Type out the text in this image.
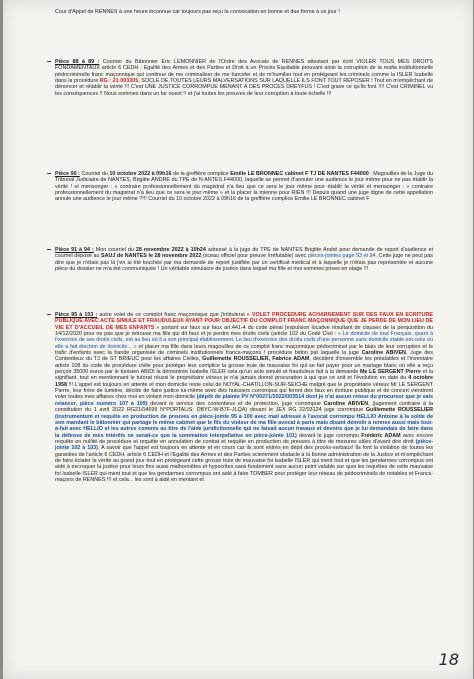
Cour d'Appel de RENNES à une heure inconnue car toujours pas reçu la convocation en bonne et due forme à ce jour !

Pièce 88 à 89 : Courrier du Bâtonnier Eric LEMONNIER de l'Ordre des Avocats de RENNES attestant par écrit VIOLER TOUS MES DROITS FONDAMENTAUX article 6 CEDH : Egalité des Armes et des Parties et Droit à un Procès Equitable prouvant ainsi la corruption de la mafia institutionnelle pédocriminelle franc maçonnique qui continue de me criminaliser de me harceler et de m'humilier tout en protégeant les criminels comme la ISLER Isabelle dans la procédure RG : 21 003305, SOCLE DE TOUTES LEURS MALVERSATIONS SUR LAQUELLE ILS FONT TOUT REPOSER ! Tout en m'empêchant de dénoncer et rétablir la vérité !!! C'est UNE JUSTICE CORROMPUE MENANT A DES PROCES DREYFUS ! C'est grave ce qu'ils font !!!! C'est CRIMINEL vu les conséquences !! Nous sommes dans un far ouest !! et j'ai toutes les preuves de leur corruption à toute échelle !!!

Pièce 90 : Courriel du 10 octobre 2022 à 09h16 de la greffière complice Emilie LE BRONNEC cabinet F TJ DE NANTES F44000 : Magouilles de la Juge du Tribunal Judiciaire de NANTES, Brigitte ANDRE du TPE de N ANTES F44000, laquelle se permet d'annuler une audience le jour même pour ne pas établir la vérité ! et mensonger : « contraire professionnellement du magistrat n'a lieu que ce sera le jour même pour établir la vérité et mensonger : « contraire professionnellement du magistrat n'a lieu que ce sera le jour même » et la placer la mienne pour RIEN !!! Depuis quand une juge digne de cette appellation annule une audience le jour même ?!!! Courriel du 10 octobre 2022 à 09h16 de la greffière complice Emilie LE BRONNEC cabinet F

Pièce 91 à 94 : Mon courriel du 28 novembre 2022 à 10h24 adressé à la juge du TPE de NANTES Brigitte André pour demande de report d'audience et courriel déposé au SAUJ de NANTES le 28 novembre 2022 (sceau officiel pour preuve irréfutable) avec pièces-jointes page 93 et 94. Cette juge ne peut pas dire que je n'étais pas là j'en ai été touchée par ma demande de report justifiée par un certificat médical et à laquelle je n'étais pas représentée et aucune pièce du dossier ne m'a été communiquée ! Un véritable simulacre de justice dans lequel ma fille et moi sommes prises en otage !!!

Pièce 95 à 103 : autre volet de ce complot franc maçonnique que j'intitulerai « VOLET PROCEDURE ACHARNEMENT SUR DES FAUX EN ECRITURE PUBLIQUE AVEC ACTE SIMULE ET FRAUDULEUX AYANT POUR OBJECTIF DU COMPLOT FRANC MAÇONNIQUE QUE JE PERDE DE MON LIEU DE VIE ET D'ACCUEIL DE MES ENFANTS » portant sur faux sur faux art.441-4 du code pénal (expulsion locative résultant de clauses de la perquisition du 14/12/2020 pour ne pas que je retrouve ma fille qui dit faux et je perdre mes droits civils (article 102 du Code Civil : « Le domicile de tout Français, quant à l'exercice de ses droits civils, est au lieu où il a son principal établissement. Le lieu d'exercice des droits civils d'une personne sans domicile stable est celui où elle a fait élection de domicile... » et placer ma fille dans leurs magouilles de ce complot franc maçonnique pédocriminel par le biais de leur corruption et le trafic d'enfants avec la bande organisée de criminels institutionnels francs-maçons ! procédure bidon par laquelle la juge Caroline ABIVEN, Juge des Contentieux du TJ de ST BRIEUC pour les affaires Civiles, Guillemette ROUSSELIER, Fabrice ADAM, décident d'ensemble les préalables et l'inventaire article 108 du code de procédure civile pour protéger leur complice la grosse truie de mauvaise foi qui se fait payer pour un mariage blanc où elle a reçu perçoir 35000 euros par le tunisien ABIDI la démontrée Isabelle ISLER cela qu'un acte simulé et frauduleux fait à la demande Me LE SERGENT Pierre et la signifiant, tout en mentionnant le tutorat réussi le propriétaire véreux je n'ai jamais donné procuration à qui que ce soit et l'évolution en date du 4 octobre 1958 !!! L'appel est toujours en attente et mon domicile reste celui de NOYAL-CHATILLON-SUR-SEICHE malgré que le propriétaire véreux Mr LE SERGENT Pierre, leur frère de lumière, décide de faire justice lui-même avec des huissiers corrompus qui feront des faux en écriture publique et de concert viendront voler toutes mes affaires chez moi en violant mon domicile (dépôt de plainte PV N°00271/2022/003514 dont je n'ai aucun retour du procureur que je vais relancer, pièce numéro 107 à 109) devant le service des contentieux et de protection, juge corrompue Caroline ABIVEN, (jugement contraire à la constitution du 1 avril 2022 RG21/04699 N°PORTALIS: DBYC-W-B7F-JLQA) devant le JEX RG 22/03124 juge corrompue Guillemette ROUSSELIER (instrumentum et requête en production de preuves en pièce-jointe 95 à 100 avec mail adressé à l'avocat corrompu HELLIO Antoine à la solde de son mandant le bâtonnier qui partage le même cabinet que le fils du violeur de ma fille avocat à paris mais disant démolir à rennes aussi mais tout-à-fait avec HELLIO et les autres commis au titre de l'aide juridictionnelle qui ne faisait aucun travaux et devoirs que je lui demandais de faire dans la défense de mes intérêts ne serait-ce que la sommation interpellative en pièce-jointe 101) devant le juge corrompu Frédéric ADAM avec encore requête en nullité de procédure et requête en annulation de contrat et requête en production de preuves à titre de mesures utiles d'avant dire droit (pièce-jointe 102 à 103). A savoir que l'appel est toujours en attente et en cours car ils sont entrés en dépit des procès-verbaux! Ils font la violation de toutes les garanties de l'article 6 CEDH, article 6 CEDH et l'Egalité des Armes et des Parties sciemment obstacle à la bonne administration de la Justice et m'empêchant de faire éclater la vérité au grand jour tout en protégeant cette grosse truie de mauvaise foi Isabelle ISLER qui ment tout et que les gendarmes corrompus ont aidé à escroquer la justice pour leurs fins aussi malhonnêtes et hypocrites sans fondement sans aucun point valable sur quoi les requêtes de cette mauvaise foi Isabelle ISLER qui ment tout et que les gendarmes corrompus ont aidé à faire TOMBER pour protéger leur réseau de pédocriminels de notables et Francs-maçons de RENNES !!! et cela... les sont à aidé en mentant et

18
